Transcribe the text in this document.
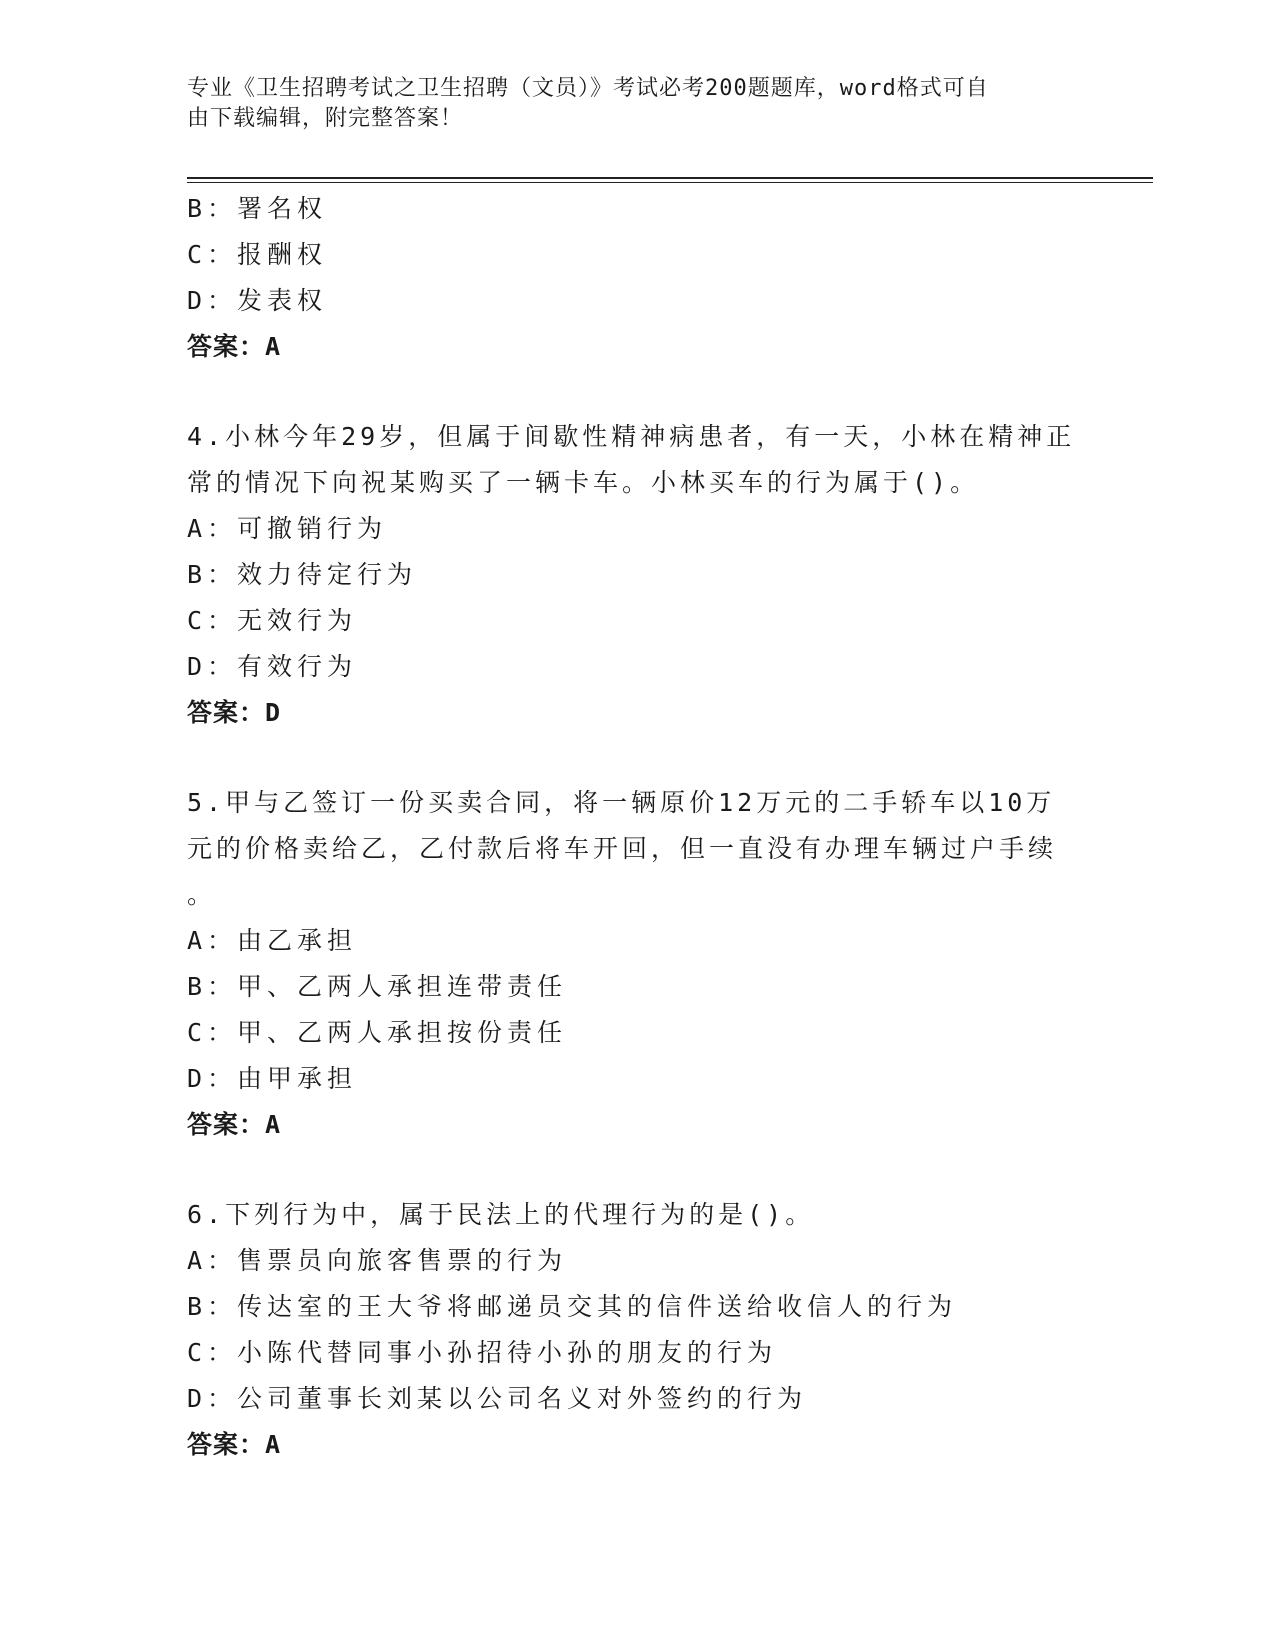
专业《卫生招聘考试之卫生招聘（文员）》考试必考200题题库，word格式可自
由下载编辑，附完整答案！
B：署名权
C：报酬权
D：发表权
答案：A
4.小林今年29岁，但属于间歇性精神病患者，有一天，小林在精神正
常的情况下向祝某购买了一辆卡车。小林买车的行为属于()。
A：可撤销行为
B：效力待定行为
C：无效行为
D：有效行为
答案：D
5.甲与乙签订一份买卖合同，将一辆原价12万元的二手轿车以10万
元的价格卖给乙，乙付款后将车开回，但一直没有办理车辆过户手续
。
A：由乙承担
B：甲、乙两人承担连带责任
C：甲、乙两人承担按份责任
D：由甲承担
答案：A
6.下列行为中，属于民法上的代理行为的是()。
A：售票员向旅客售票的行为
B：传达室的王大爷将邮递员交其的信件送给收信人的行为
C：小陈代替同事小孙招待小孙的朋友的行为
D：公司董事长刘某以公司名义对外签约的行为
答案：A
